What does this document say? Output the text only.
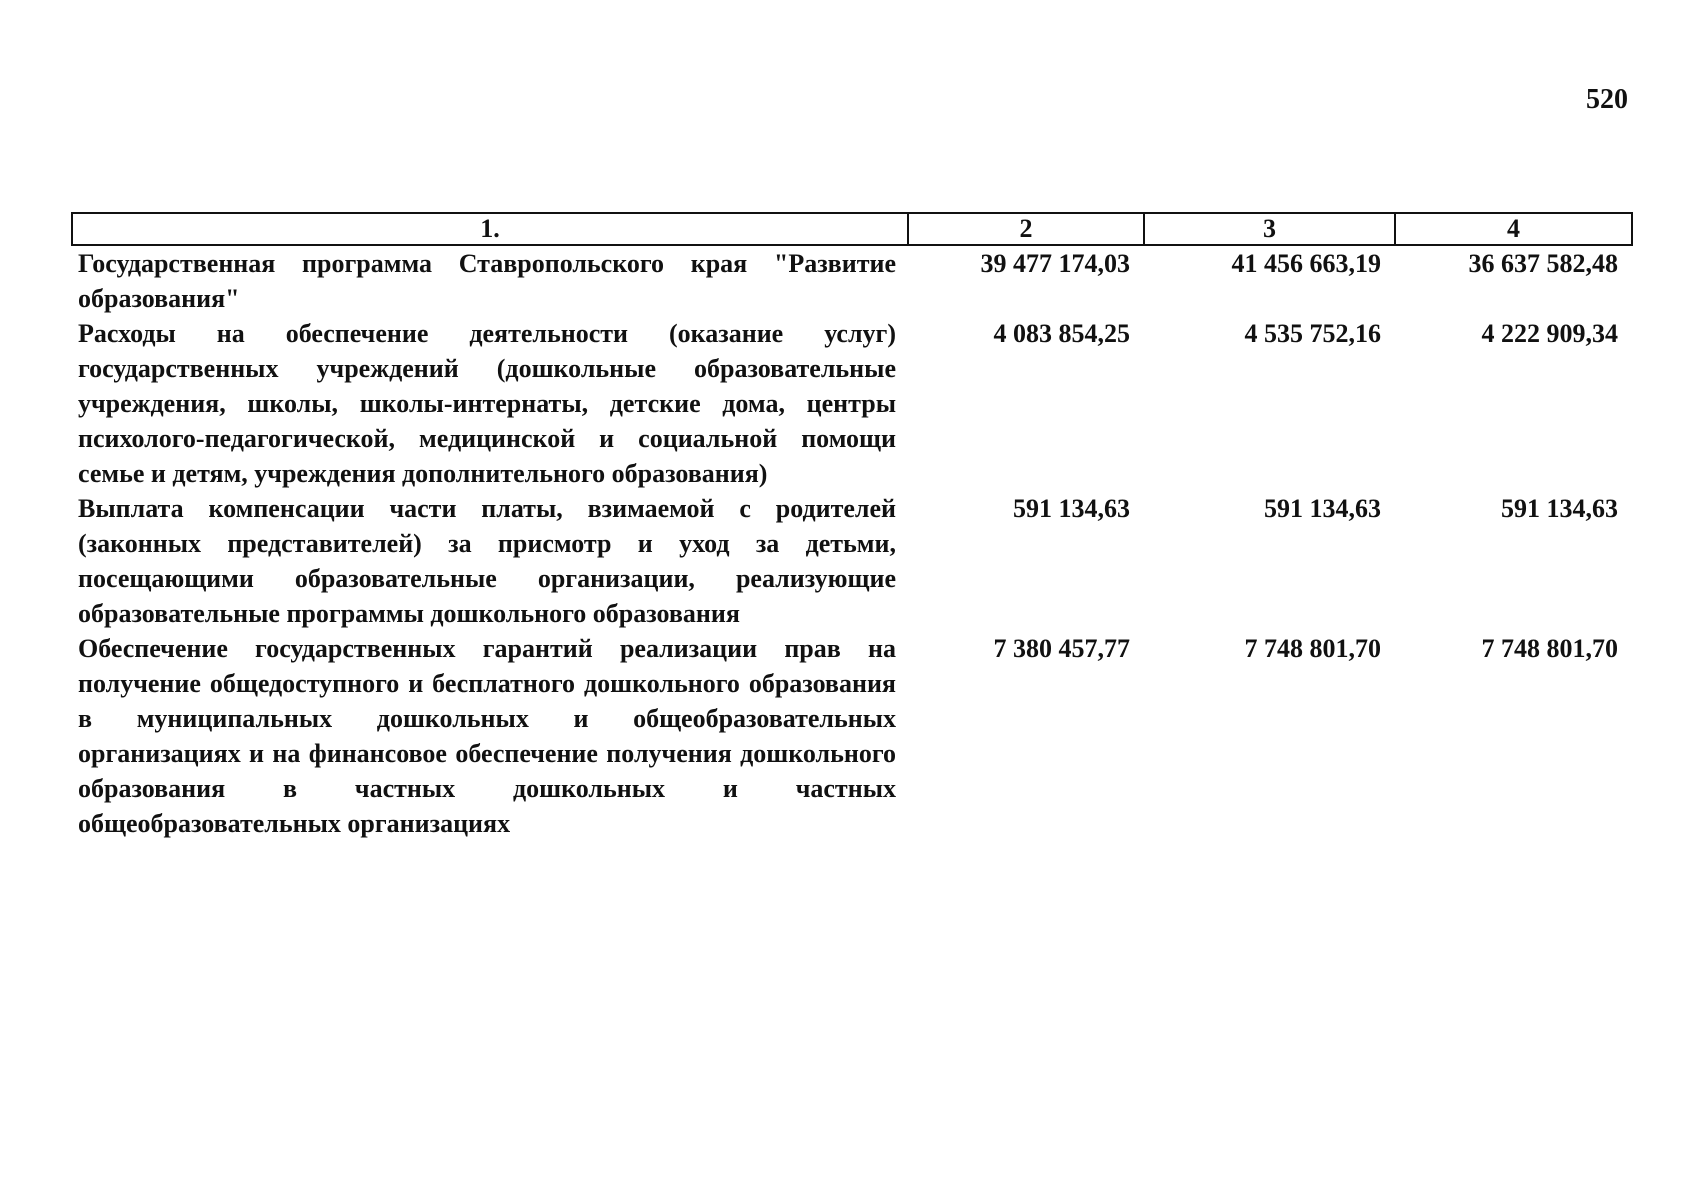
520
1.	2	3	4
Государственная программа Ставропольского края "Развитие образования"	39 477 174,03	41 456 663,19	36 637 582,48
Расходы на обеспечение деятельности (оказание услуг) государственных учреждений (дошкольные образовательные учреждения, школы, школы-интернаты, детские дома, центры психолого-педагогической, медицинской и социальной помощи семье и детям, учреждения дополнительного образования)	4 083 854,25	4 535 752,16	4 222 909,34
Выплата компенсации части платы, взимаемой с родителей (законных представителей) за присмотр и уход за детьми, посещающими образовательные организации, реализующие образовательные программы дошкольного образования	591 134,63	591 134,63	591 134,63
Обеспечение государственных гарантий реализации прав на получение общедоступного и бесплатного дошкольного образования в муниципальных дошкольных и общеобразовательных организациях и на финансовое обеспечение получения дошкольного образования в частных дошкольных и частных общеобразовательных организациях	7 380 457,77	7 748 801,70	7 748 801,70
